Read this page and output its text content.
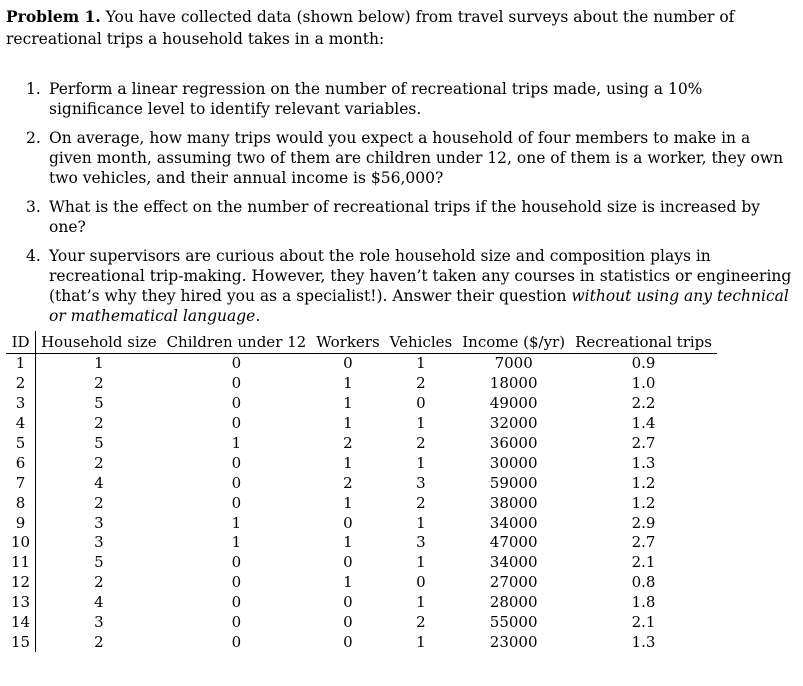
Problem 1. You have collected data (shown below) from travel surveys about the number of recreational trips a household takes in a month:
1. Perform a linear regression on the number of recreational trips made, using a 10% significance level to identify relevant variables.
2. On average, how many trips would you expect a household of four members to make in a given month, assuming two of them are children under 12, one of them is a worker, they own two vehicles, and their annual income is $56,000?
3. What is the effect on the number of recreational trips if the household size is increased by one?
4. Your supervisors are curious about the role household size and composition plays in recreational trip-making. However, they haven’t taken any courses in statistics or engineering (that’s why they hired you as a specialist!). Answer their question without using any technical or mathematical language.
ID	Household size	Children under 12	Workers	Vehicles	Income ($/yr)	Recreational trips
1	1	0	0	1	7000	0.9
2	2	0	1	2	18000	1.0
3	5	0	1	0	49000	2.2
4	2	0	1	1	32000	1.4
5	5	1	2	2	36000	2.7
6	2	0	1	1	30000	1.3
7	4	0	2	3	59000	1.2
8	2	0	1	2	38000	1.2
9	3	1	0	1	34000	2.9
10	3	1	1	3	47000	2.7
11	5	0	0	1	34000	2.1
12	2	0	1	0	27000	0.8
13	4	0	0	1	28000	1.8
14	3	0	0	2	55000	2.1
15	2	0	0	1	23000	1.3
